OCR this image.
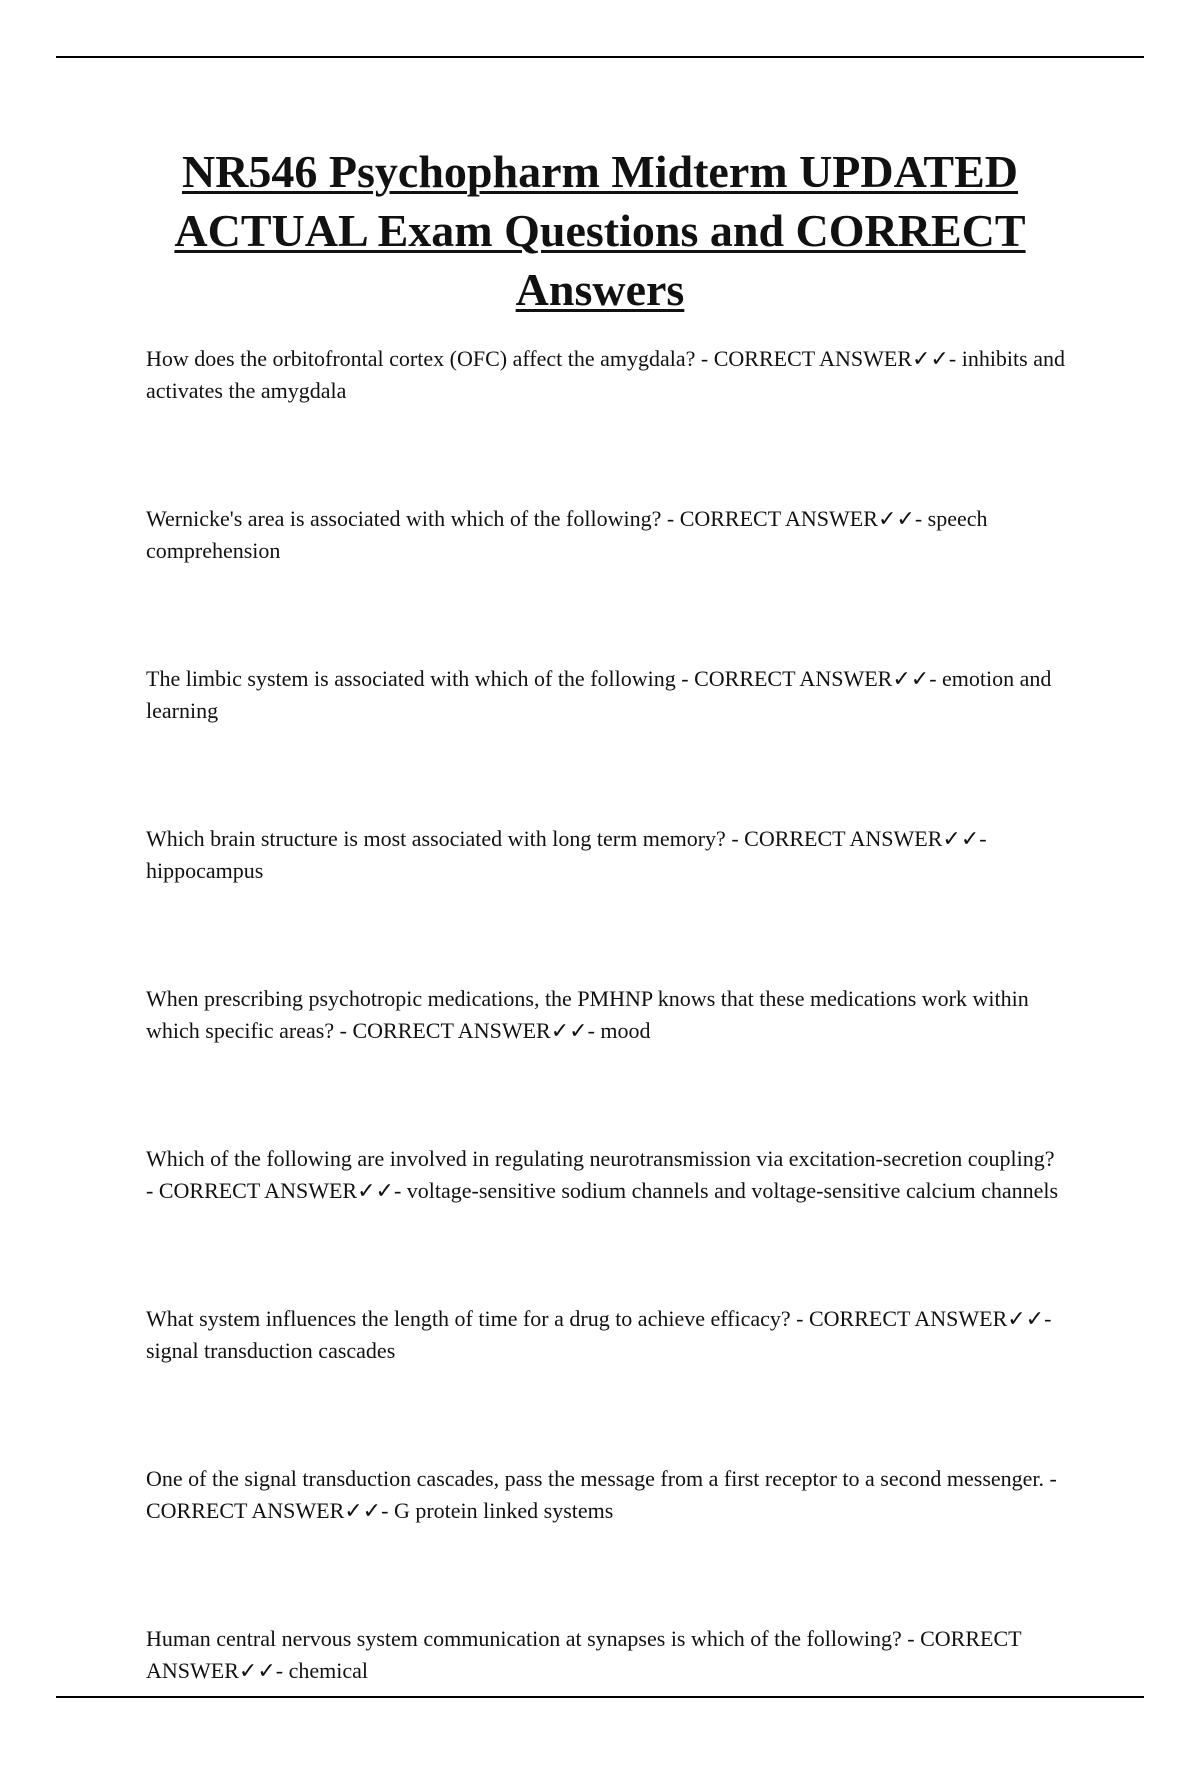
NR546 Psychopharm Midterm UPDATED ACTUAL Exam Questions and CORRECT Answers

How does the orbitofrontal cortex (OFC) affect the amygdala? - CORRECT ANSWER✓✓ - inhibits and activates the amygdala

Wernicke's area is associated with which of the following? - CORRECT ANSWER✓✓ - speech comprehension

The limbic system is associated with which of the following - CORRECT ANSWER✓✓ - emotion and learning

Which brain structure is most associated with long term memory? - CORRECT ANSWER✓✓ - hippocampus

When prescribing psychotropic medications, the PMHNP knows that these medications work within which specific areas? - CORRECT ANSWER✓✓ - mood

Which of the following are involved in regulating neurotransmission via excitation-secretion coupling? - CORRECT ANSWER✓✓ - voltage-sensitive sodium channels and voltage-sensitive calcium channels

What system influences the length of time for a drug to achieve efficacy? - CORRECT ANSWER✓✓ - signal transduction cascades

One of the signal transduction cascades, pass the message from a first receptor to a second messenger. - CORRECT ANSWER✓✓ - G protein linked systems

Human central nervous system communication at synapses is which of the following? - CORRECT ANSWER✓✓ - chemical
